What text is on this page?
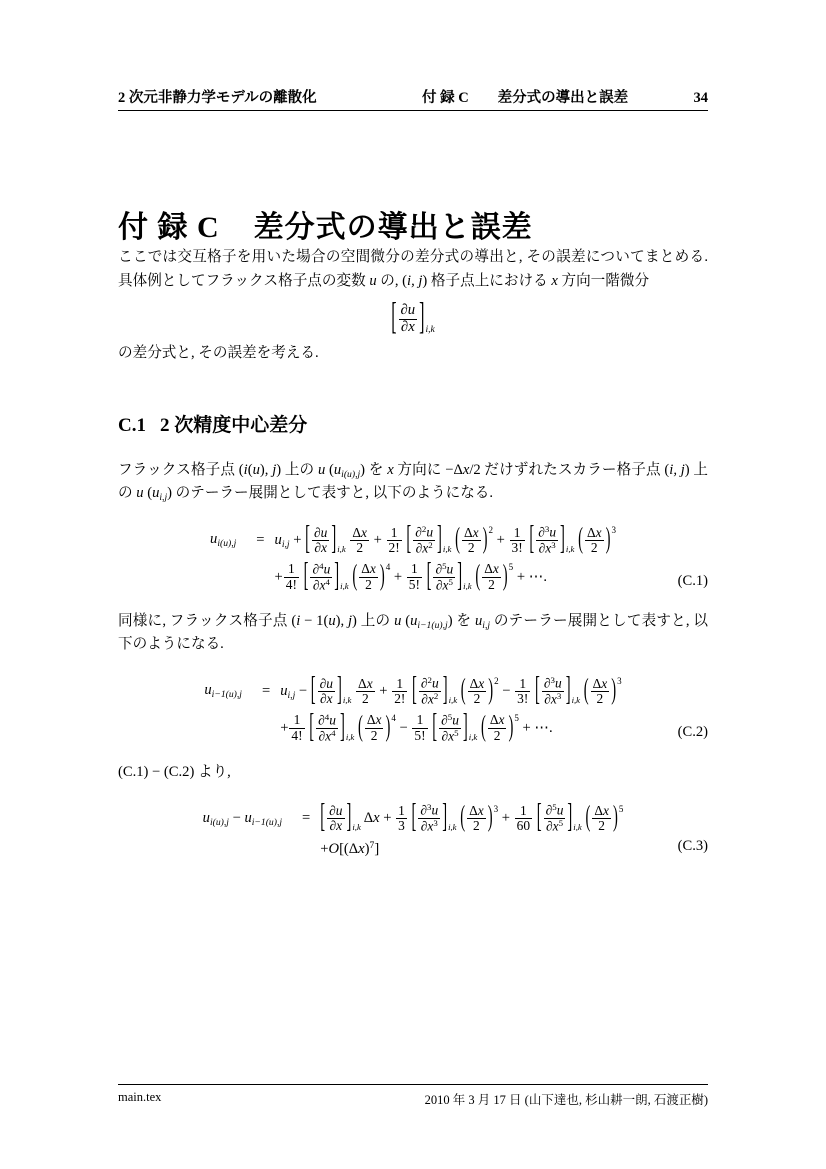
2 次元非静力学モデルの離散化	付 録 C　　差分式の導出と誤差	34
付 録 C 差分式の導出と誤差

ここでは交互格子を用いた場合の空間微分の差分式の導出と, その誤差についてまとめる. 具体例としてフラックス格子点の変数 u の, (i, j) 格子点上における x 方向一階微分

[ $\frac{\partial u}{\partial x} ]i,k$

の差分式と, その誤差を考える.

C.1 2 次精度中心差分

フラックス格子点 (i(u), j) 上の u $(u_{i(u),j})$ を x 方向に −Δx/2 だけずれたスカラー格子点 (i, j) 上の u $(u_{i,j})$ のテーラー展開として表すと, 以下のようになる.

$u_{i(u),j}$	=	$u_{i,j}$ + [ $\frac{\partial u}{\partial x} ]i,k \frac{\Delta x}{2} + \frac{1}{2!}$ [ $\frac{\partial^2u}{\partial x^2} ]i,k$ ( $\frac{\Delta x}{2} )2 + \frac{1}{3!}$ [ $\frac{\partial^3u}{\partial x^3} ]i,k$ ( $\frac{\Delta x}{2} )3$
		+ $\frac{1}{4!}$ [ $\frac{\partial^4u}{\partial x^4} ]i,k$ ( $\frac{\Delta x}{2} )4 + \frac{1}{5!}$ [ $\frac{\partial^5u}{\partial x^5} ]i,k$ ( $\frac{\Delta x}{2} )5$ + ⋯.	(C.1)

同様に, フラックス格子点 (i − 1(u), j) 上の u $(u_{i-1(u),j})$ を $u_{i,j}$ のテーラー展開として表すと, 以下のようになる.

$u_{i-1(u),j}$	=	$u_{i,j}$ − [ $\frac{\partial u}{\partial x} ]i,k \frac{\Delta x}{2} + \frac{1}{2!}$ [ $\frac{\partial^2u}{\partial x^2} ]i,k$ ( $\frac{\Delta x}{2} )2 - \frac{1}{3!}$ [ $\frac{\partial^3u}{\partial x^3} ]i,k$ ( $\frac{\Delta x}{2} )3$
		+ $\frac{1}{4!}$ [ $\frac{\partial^4u}{\partial x^4} ]i,k$ ( $\frac{\Delta x}{2} )4 - \frac{1}{5!}$ [ $\frac{\partial^5u}{\partial x^5} ]i,k$ ( $\frac{\Delta x}{2} )5$ + ⋯.	(C.2)

(C.1) − (C.2) より,

$u_{i(u),j} - u_{i-1(u),j}$	=	[ $\frac{\partial u}{\partial x} ]i,k$ $\Delta x + \frac{1}{3}$ [ $\frac{\partial^3u}{\partial x^3} ]i,k$ ( $\frac{\Delta x}{2} )3 + \frac{1}{60}$ [ $\frac{\partial^5u}{\partial x^5} ]i,k$ ( $\frac{\Delta x}{2} )5$
		$+O[(\Delta x)^7]$	(C.3)
main.tex	2010 年 3 月 17 日 (山下達也, 杉山耕一朗, 石渡正樹)
